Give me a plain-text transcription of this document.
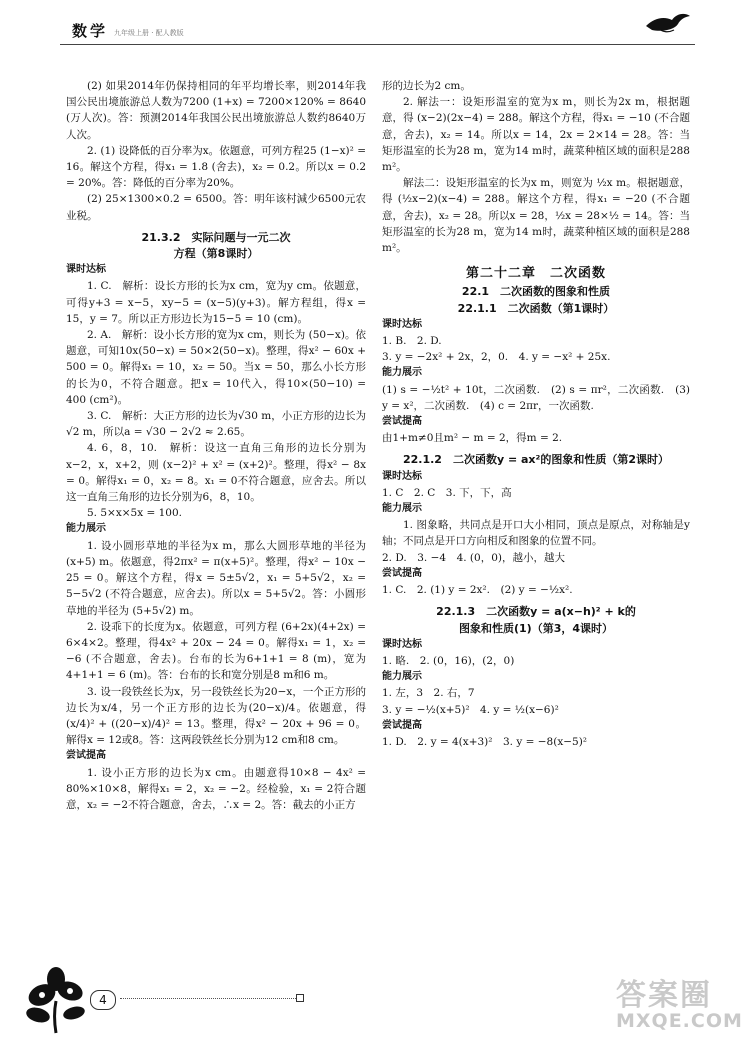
数学 九年级上册 · 配人教版

(2) 如果2014年仍保持相同的年平均增长率，则2014年我国公民出境旅游总人数为7200 (1+x) = 7200×120% = 8640 (万人次)。答：预测2014年我国公民出境旅游总人数约8640万人次。

2. (1) 设降低的百分率为x。依题意，可列方程25 (1−x)² = 16。解这个方程，得x₁ = 1.8 (舍去)，x₂ = 0.2。所以x = 0.2 = 20%。答：降低的百分率为20%。

(2) 25×1300×0.2 = 6500。答：明年该村減少6500元农业税。

21.3.2　实际问题与一元二次
方程（第8课时）
课时达标

1. C.　解析：设长方形的长为x cm，宽为y cm。依题意，可得y+3 = x−5，xy−5 = (x−5)(y+3)。解方程组，得x = 15，y = 7。所以正方形边长为15−5 = 10 (cm)。

2. A.　解析：设小长方形的宽为x cm，则长为 (50−x)。依题意，可知10x(50−x) = 50×2(50−x)。整理，得x² − 60x + 500 = 0。解得x₁ = 10，x₂ = 50。当x = 50，那么小长方形的长为0，不符合题意。把x = 10代入，得10×(50−10) = 400 (cm²)。

3. C.　解析：大正方形的边长为√30 m，小正方形的边长为√2 m，所以a = √30 − 2√2 ≈ 2.65。

4. 6，8，10.　解析：设这一直角三角形的边长分别为x−2，x，x+2，则 (x−2)² + x² = (x+2)²。整理，得x² − 8x = 0。解得x₁ = 0，x₂ = 8。x₁ = 0不符合题意，应舍去。所以这一直角三角形的边长分别为6，8，10。

5. 5×x×5x = 100.

能力展示

1. 设小圆形草地的半径为x m，那么大圆形草地的半径为 (x+5) m。依题意，得2πx² = π(x+5)²。整理，得x² − 10x − 25 = 0。解这个方程，得x = 5±5√2，x₁ = 5+5√2，x₂ = 5−5√2 (不符合题意，应舍去)。所以x = 5+5√2。答：小圆形草地的半径为 (5+5√2) m。

2. 设乖下的长度为x。依题意，可列方程 (6+2x)(4+2x) = 6×4×2。整理，得4x² + 20x − 24 = 0。解得x₁ = 1，x₂ = −6 (不合题意，舍去)。台布的长为6+1+1 = 8 (m)，宽为4+1+1 = 6 (m)。答：台布的长和宽分别是8 m和6 m。

3. 设一段铁丝长为x，另一段铁丝长为20−x，一个正方形的边长为x/4，另一个正方形的边长为(20−x)/4。依题意，得 (x/4)² + ((20−x)/4)² = 13。整理，得x² − 20x + 96 = 0。解得x = 12或8。答：这两段铁丝长分别为12 cm和8 cm。

尝试提高

1. 设小正方形的边长为x cm。由题意得10×8 − 4x² = 80%×10×8，解得x₁ = 2，x₂ = −2。经检验，x₁ = 2符合题意，x₂ = −2不符合题意，舍去，∴x = 2。答：截去的小正方

形的边长为2 cm。

2. 解法一：设矩形温室的宽为x m，则长为2x m，根据题意，得 (x−2)(2x−4) = 288。解这个方程，得x₁ = −10 (不合题意，舍去)，x₂ = 14。所以x = 14，2x = 2×14 = 28。答：当矩形温室的长为28 m，宽为14 m时，蔬菜种植区域的面积是288 m²。

解法二：设矩形温室的长为x m，则宽为 ½x m。根据题意，得 (½x−2)(x−4) = 288。解这个方程，得x₁ = −20 (不合题意，舍去)，x₂ = 28。所以x = 28，½x = 28×½ = 14。答：当矩形温室的长为28 m，宽为14 m时，蔬菜种植区域的面积是288 m²。

第二十二章　二次函数
22.1　二次函数的图象和性质
22.1.1　二次函数（第1课时）
课时达标

1. B.　2. D.

3. y = −2x² + 2x，2，0.　4. y = −x² + 25x.

能力展示

(1) s = −½t² + 10t，二次函数.　(2) s = πr²，二次函数.　(3) y = x²，二次函数.　(4) c = 2πr，一次函数.

尝试提高

由1+m≠0且m² − m = 2，得m = 2.

22.1.2　二次函数y = ax²的图象和性质（第2课时）
课时达标

1. C　2. C　3. 下，下，高

能力展示

1. 图象略，共同点是开口大小相同，顶点是原点，对称轴是y轴；不同点是开口方向相反和图象的位置不同。

2. D.　3. −4　4. (0，0)，越小，越大

尝试提高

1. C.　2. (1) y = 2x².　(2) y = −½x².

22.1.3　二次函数y = a(x−h)² + k的
图象和性质(1)（第3，4课时）
课时达标

1. 略.　2. (0，16)，(2，0)

能力展示

1. 左，3　2. 右，7

3. y = −½(x+5)²　4. y = ½(x−6)²

尝试提高

1. D.　2. y = 4(x+3)²　3. y = −8(x−5)²

4	答案圈
MXQE.COM
